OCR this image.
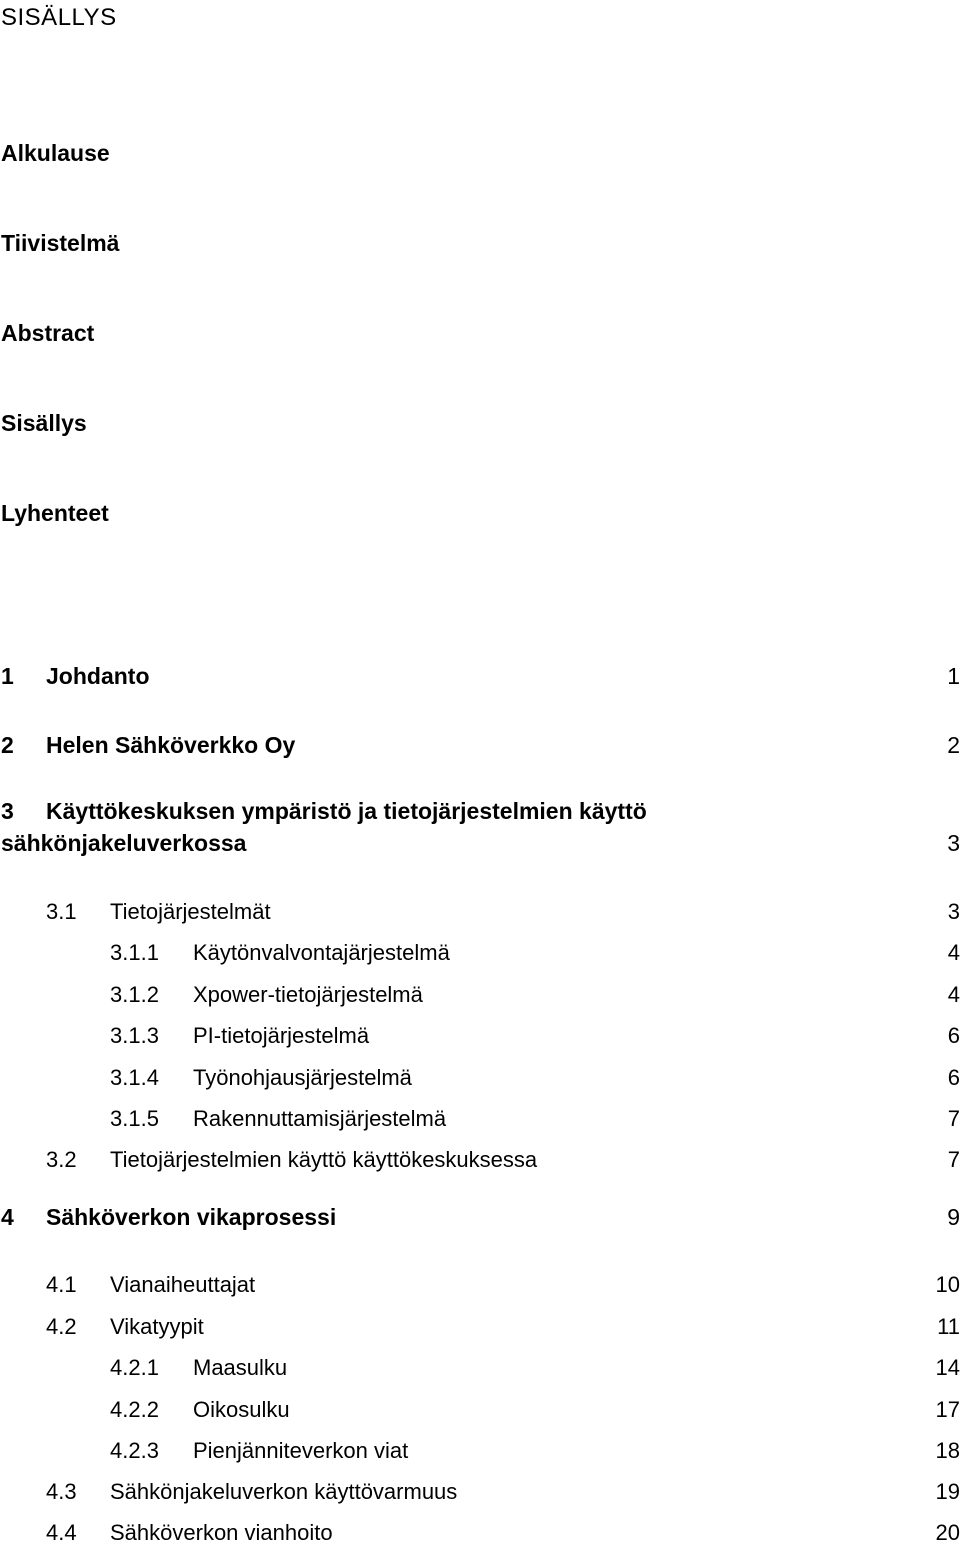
SISÄLLYS
Alkulause
Tiivistelmä
Abstract
Sisällys
Lyhenteet
1 Johdanto	1
2 Helen Sähköverkko Oy	2
3 Käyttökeskuksen ympäristö ja tietojärjestelmien käyttö
sähkönjakeluverkossa	3
3.1 Tietojärjestelmät	3
3.1.1 Käytönvalvontajärjestelmä	4
3.1.2 Xpower-tietojärjestelmä	4
3.1.3 PI-tietojärjestelmä	6
3.1.4 Työnohjausjärjestelmä	6
3.1.5 Rakennuttamisjärjestelmä	7
3.2 Tietojärjestelmien käyttö käyttökeskuksessa	7
4 Sähköverkon vikaprosessi	9
4.1 Vianaiheuttajat	10
4.2 Vikatyypit	11
4.2.1 Maasulku	14
4.2.2 Oikosulku	17
4.2.3 Pienjänniteverkon viat	18
4.3 Sähkönjakeluverkon käyttövarmuus	19
4.4 Sähköverkon vianhoito	20
